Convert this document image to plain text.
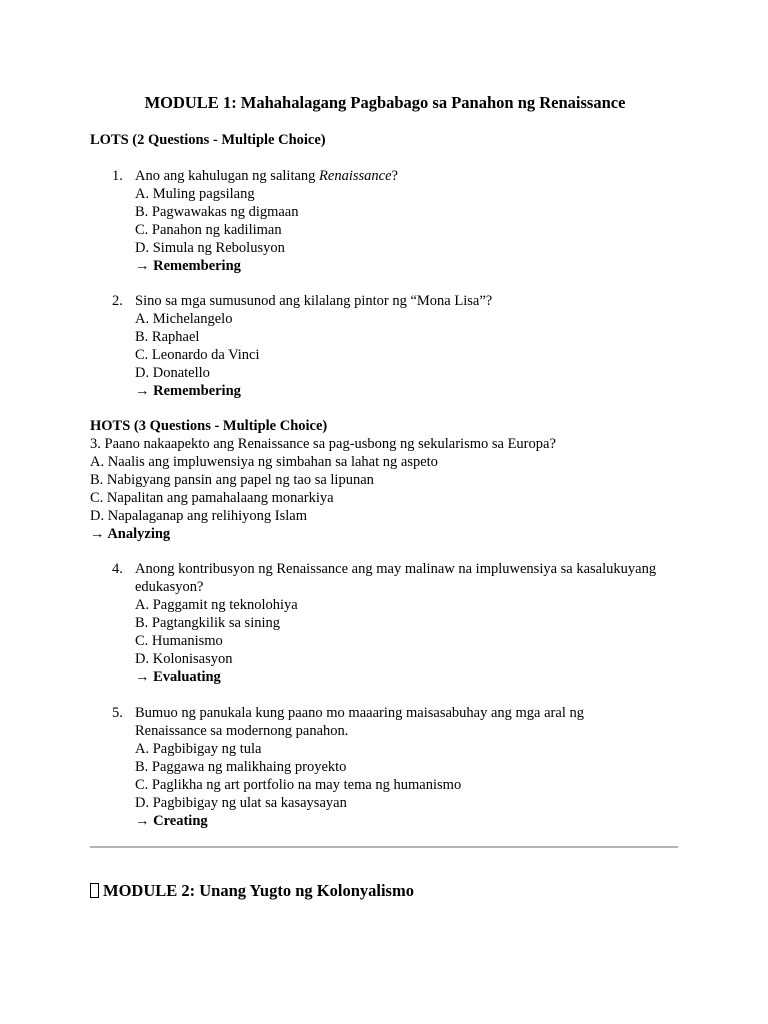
MODULE 1: Mahahalagang Pagbabago sa Panahon ng Renaissance
LOTS (2 Questions - Multiple Choice)
1. Ano ang kahulugan ng salitang Renaissance?
A. Muling pagsilang
B. Pagwawakas ng digmaan
C. Panahon ng kadiliman
D. Simula ng Rebolusyon
→ Remembering
2. Sino sa mga sumusunod ang kilalang pintor ng “Mona Lisa”?
A. Michelangelo
B. Raphael
C. Leonardo da Vinci
D. Donatello
→ Remembering
HOTS (3 Questions - Multiple Choice)
3. Paano nakaapekto ang Renaissance sa pag-usbong ng sekularismo sa Europa?
A. Naalis ang impluwensiya ng simbahan sa lahat ng aspeto
B. Nabigyang pansin ang papel ng tao sa lipunan
C. Napalitan ang pamahalaang monarkiya
D. Napalaganap ang relihiyong Islam
→ Analyzing
4. Anong kontribusyon ng Renaissance ang may malinaw na impluwensiya sa kasalukuyang
edukasyon?
A. Paggamit ng teknolohiya
B. Pagtangkilik sa sining
C. Humanismo
D. Kolonisasyon
→ Evaluating
5. Bumuo ng panukala kung paano mo maaaring maisasabuhay ang mga aral ng
Renaissance sa modernong panahon.
A. Pagbibigay ng tula
B. Paggawa ng malikhaing proyekto
C. Paglikha ng art portfolio na may tema ng humanismo
D. Pagbibigay ng ulat sa kasaysayan
→ Creating
MODULE 2: Unang Yugto ng Kolonyalismo
